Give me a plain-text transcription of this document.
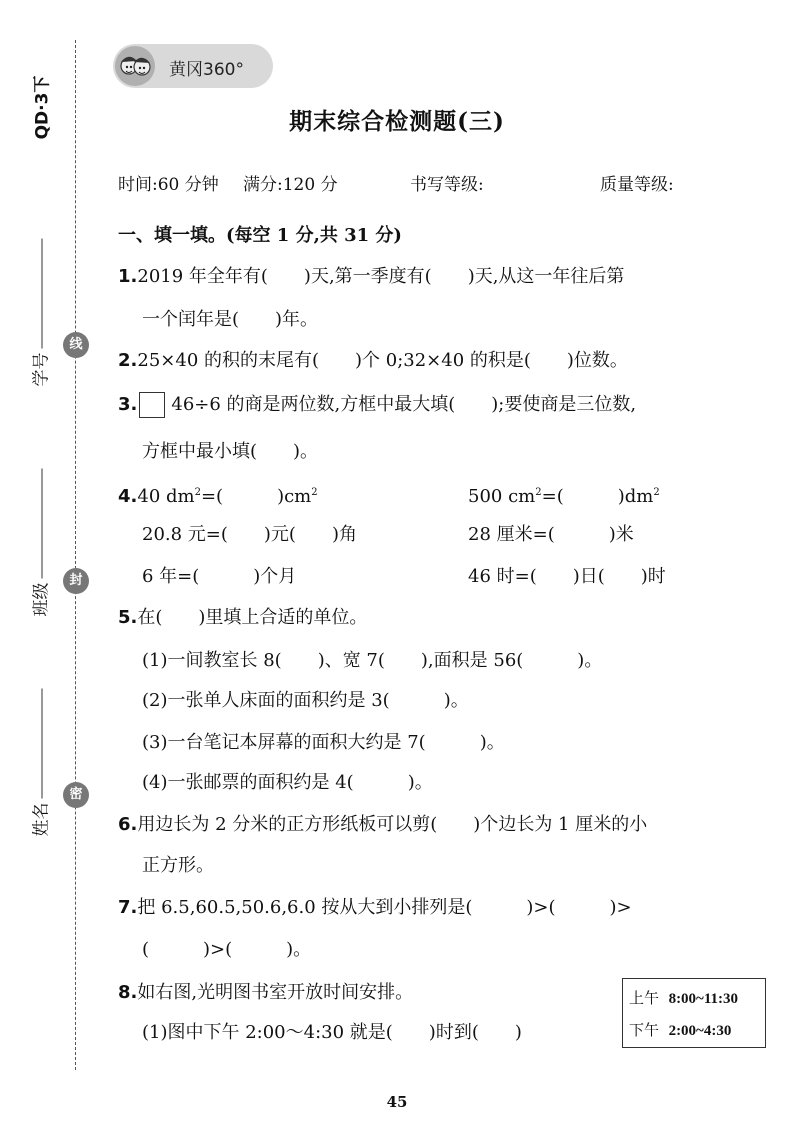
QD·3下
学号
班级
姓名
线
封
密
黄冈360°
期末综合检测题(三)
时间:60 分钟 满分:120 分	书写等级:	质量等级:
一、填一填。(每空 1 分,共 31 分)
1.2019 年全年有(　　)天,第一季度有(　　)天,从这一年往后第
一个闰年是(　　)年。
2.25×40 的积的末尾有(　　)个 0;32×40 的积是(　　)位数。
3. 46÷6 的商是两位数,方框中最大填(　　);要使商是三位数,
方框中最小填(　　)。
4.40 $dm^2=$(　　　)$cm^2$	500 $cm^2=$(　　　)$dm^2$
20.8 元=(　　)元(　　)角	28 厘米=(　　　)米
6 年=(　　　)个月	46 时=(　　)日(　　)时
5.在(　　)里填上合适的单位。
(1)一间教室长 8(　　)、宽 7(　　),面积是 56(　　　)。
(2)一张单人床面的面积约是 3(　　　)。
(3)一台笔记本屏幕的面积大约是 7(　　　)。
(4)一张邮票的面积约是 4(　　　)。
6.用边长为 2 分米的正方形纸板可以剪(　　)个边长为 1 厘米的小
正方形。
7.把 6.5,60.5,50.6,6.0 按从大到小排列是(　　　)>(　　　)>
(　　　)>(　　　)。
8.如右图,光明图书室开放时间安排。
(1)图中下午 2:00～4:30 就是(　　)时到(　　)
上午 8:00~11:30
下午 2:00~4:30
45
